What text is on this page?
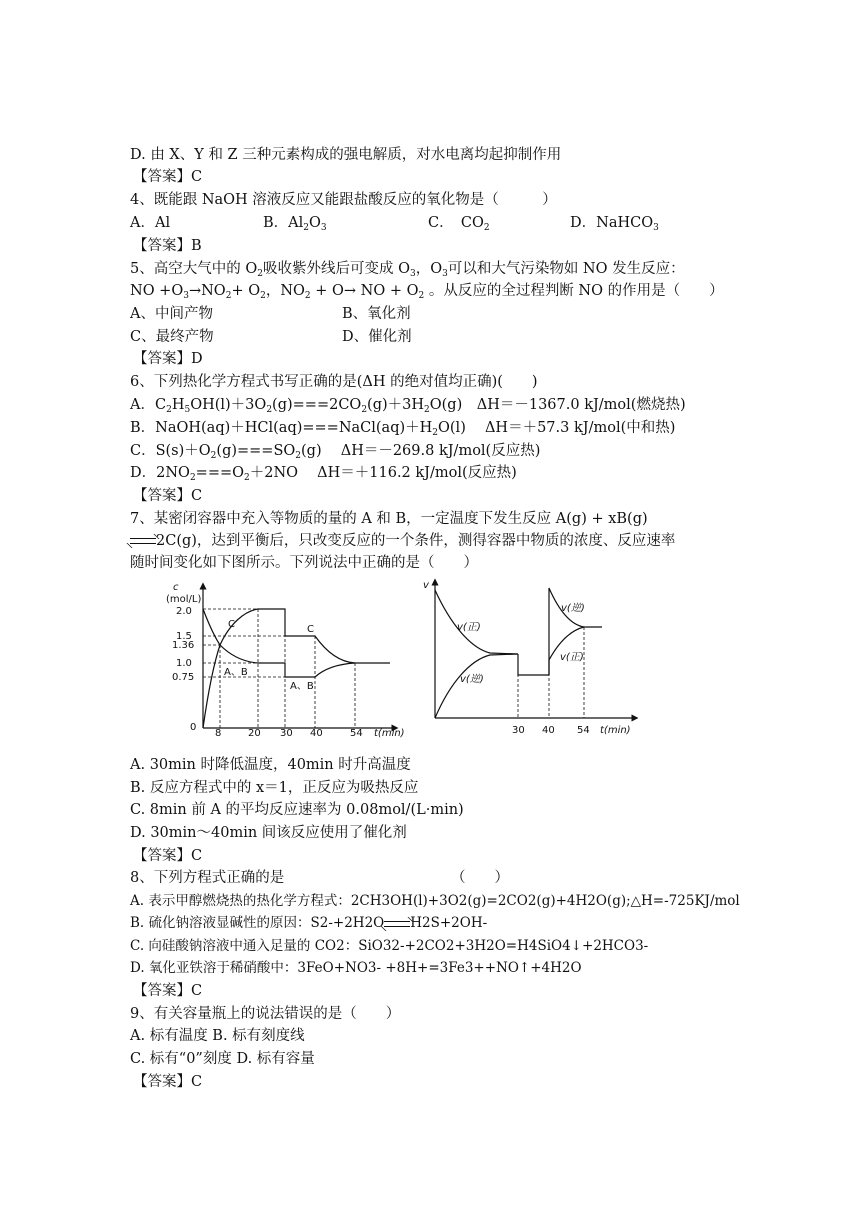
D. 由 X、Y 和 Z 三种元素构成的强电解质，对水电离均起抑制作用
【答案】C
4、既能跟 NaOH 溶液反应又能跟盐酸反应的氧化物是（　　　）
A．Al	B．$Al_2O_3$	C．　$CO_2$	D．NaHCO$_3$
【答案】B
5、高空大气中的 $O_2$吸收紫外线后可变成 $O_3$，$O_3$可以和大气污染物如 NO 发生反应：
NO $+O_3\to NO_2+ O_2$，$NO_2 + O\to$ NO + $O_2$ 。从反应的全过程判断 NO 的作用是（　　）
A、中间产物	B、氧化剂
C、最终产物	D、催化剂
【答案】D
6、下列热化学方程式书写正确的是(ΔH 的绝对值均正确)(　　)
A．$C_2H_5OH(l)+3O_2(g)===2CO_2(g)+3H_2O(g)$　ΔH＝－1367.0 kJ/mol(燃烧热)
B．$NaOH(aq)+HCl(aq)===NaCl(aq)+H_2O(l)$　 ΔH＝＋57.3 kJ/mol(中和热)
C．$S(s)+O_2(g)===SO_2(g)$　 ΔH＝－269.8 kJ/mol(反应热)
D．$2NO_2===O_2+2NO$　 ΔH＝＋116.2 kJ/mol(反应热)
【答案】C
7、某密闭容器中充入等物质的量的 A 和 B，一定温度下发生反应 A(g) + xB(g)
2C(g)，达到平衡后，只改变反应的一个条件，测得容器中物质的浓度、反应速率
随时间变化如下图所示。下列说法中正确的是（　　）
c
(mol/L)
t(min)
0
2.0
1.5
1.36
1.0
0.75
8	20 30 40	54
C	C
A、B
A、B
v
t(min)
30 40 54
v(正)
v(逆)
v(逆)
v(正)
A. 30min 时降低温度，40min 时升高温度
B. 反应方程式中的 x＝1，正反应为吸热反应
C. 8min 前 A 的平均反应速率为 0.08mol/(L·min)
D. 30min～40min 间该反应使用了催化剂
【答案】C
8、下列方程式正确的是　　　　　　　　　　　　（　　）
A. 表示甲醇燃烧热的热化学方程式：2CH3OH(l)+3O2(g)=2CO2(g)+4H2O(g);△H=-725KJ/mol
B. 硫化钠溶液显碱性的原因：S2-+2H2O H2S+2OH-
C. 向硅酸钠溶液中通入足量的 CO2：SiO32-+2CO2+3H2O=H4SiO4↓+2HCO3-
D. 氧化亚铁溶于稀硝酸中：3FeO+NO3- +8H+=3Fe3++NO↑+4H2O
【答案】C
9、有关容量瓶上的说法错误的是（　　）
A. 标有温度 B. 标有刻度线
C. 标有“0”刻度 D. 标有容量
【答案】C
